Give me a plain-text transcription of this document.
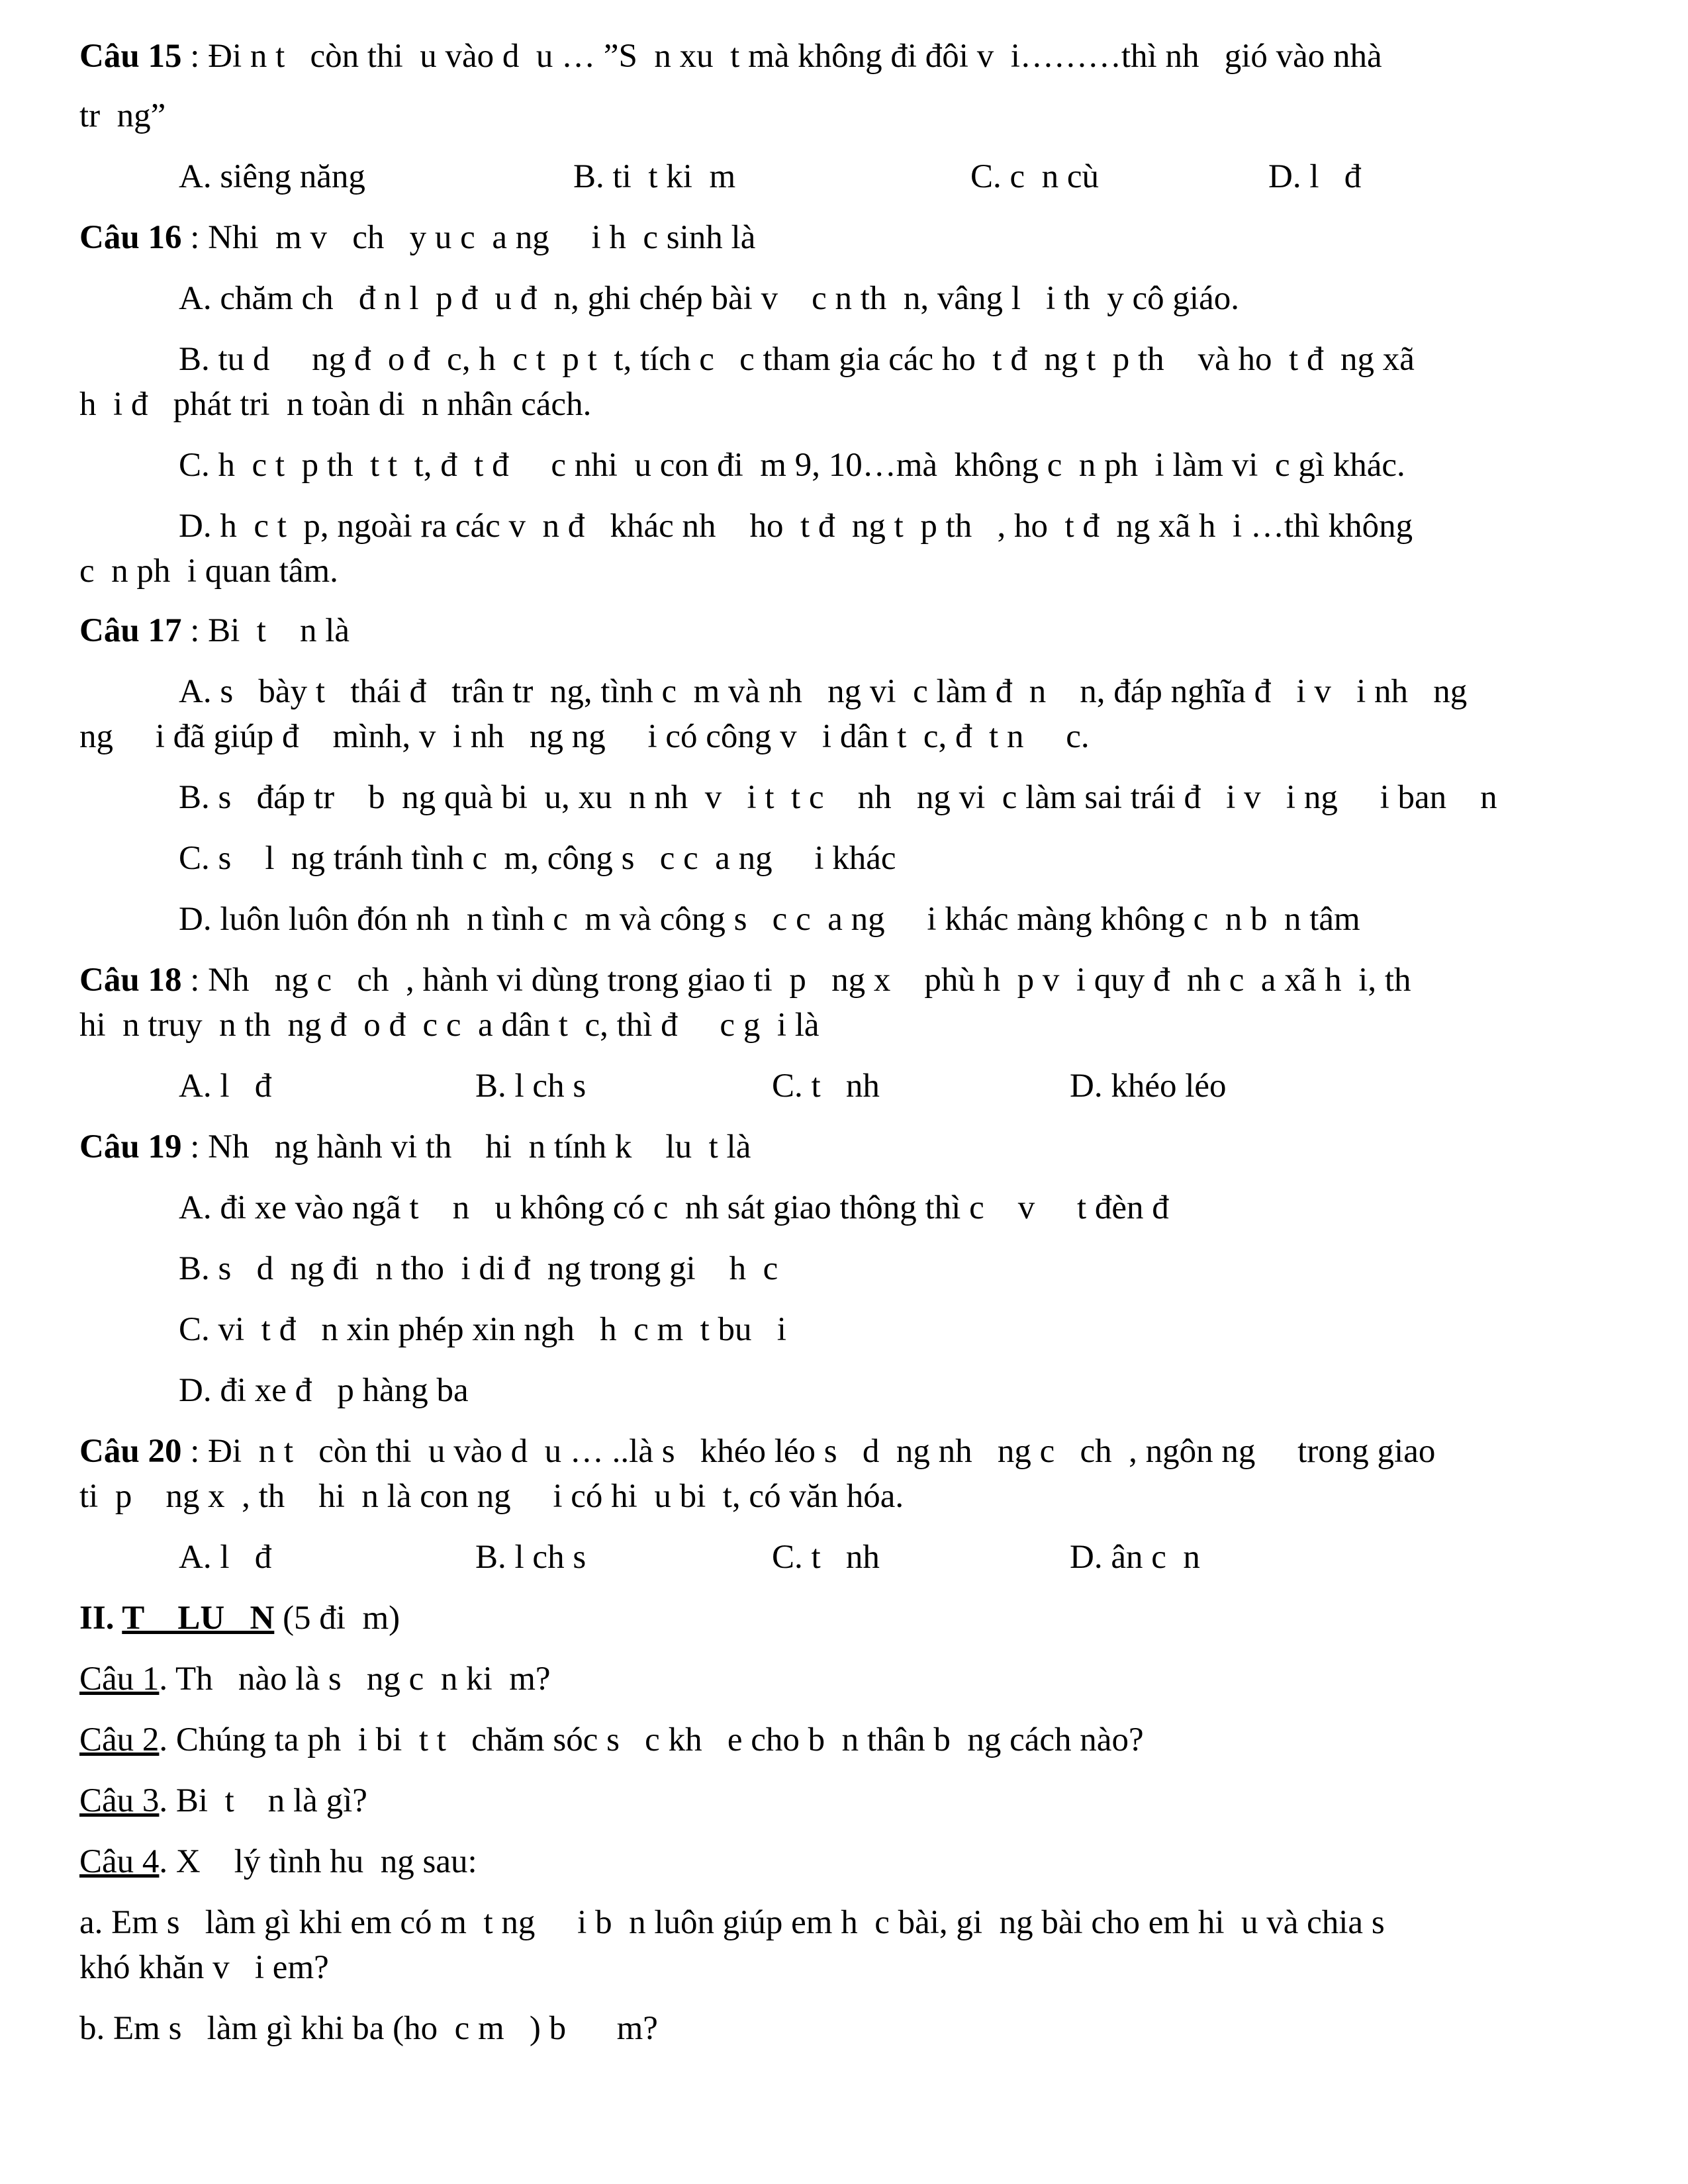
Câu 15 : Đi n t   còn thi  u vào d  u … ”S  n xu  t mà không đi đôi v  i………thì nh   gió vào nhà
tr  ng”
A. siêng năng	B. ti  t ki  m	C. c  n cù	D. l   đ
Câu 16 : Nhi  m v   ch   y u c  a ng     i h  c sinh là
A. chăm ch   đ n l  p đ  u đ  n, ghi chép bài v    c n th  n, vâng l   i th  y cô giáo.
B. tu d     ng đ  o đ  c, h  c t  p t  t, tích c   c tham gia các ho  t đ  ng t  p th    và ho  t đ  ng xã
h  i đ   phát tri  n toàn di  n nhân cách.
C. h  c t  p th  t t  t, đ  t đ     c nhi  u con đi  m 9, 10…mà  không c  n ph  i làm vi  c gì khác.
D. h  c t  p, ngoài ra các v  n đ   khác nh    ho  t đ  ng t  p th   , ho  t đ  ng xã h  i …thì không
c  n ph  i quan tâm.
Câu 17 : Bi  t    n là
A. s   bày t   thái đ   trân tr  ng, tình c  m và nh   ng vi  c làm đ  n    n, đáp nghĩa đ   i v   i nh   ng
ng     i đã giúp đ    mình, v  i nh   ng ng     i có công v   i dân t  c, đ  t n     c.
B. s   đáp tr    b  ng quà bi  u, xu  n nh  v   i t  t c    nh   ng vi  c làm sai trái đ   i v   i ng     i ban    n
C. s    l  ng tránh tình c  m, công s   c c  a ng     i khác
D. luôn luôn đón nh  n tình c  m và công s   c c  a ng     i khác màng không c  n b  n tâm
Câu 18 : Nh   ng c   ch  , hành vi dùng trong giao ti  p   ng x    phù h  p v  i quy đ  nh c  a xã h  i, th
hi  n truy  n th  ng đ  o đ  c c  a dân t  c, thì đ     c g  i là
A. l   đ	B. l ch s	C. t   nh	D. khéo léo
Câu 19 : Nh   ng hành vi th    hi  n tính k    lu  t là
A. đi xe vào ngã t    n   u không có c  nh sát giao thông thì c    v     t đèn đ
B. s   d  ng đi  n tho  i di đ  ng trong gi    h  c
C. vi  t đ   n xin phép xin ngh   h  c m  t bu   i
D. đi xe đ   p hàng ba
Câu 20 : Đi  n t   còn thi  u vào d  u … ..là s   khéo léo s   d  ng nh   ng c   ch  , ngôn ng     trong giao
ti  p    ng x  , th    hi  n là con ng     i có hi  u bi  t, có văn hóa.
A. l   đ	B. l ch s	C. t   nh	D. ân c  n
II. T    LU   N (5 đi  m)
Câu 1. Th   nào là s   ng c  n ki  m?
Câu 2. Chúng ta ph  i bi  t t   chăm sóc s   c kh   e cho b  n thân b  ng cách nào?
Câu 3. Bi  t    n là gì?
Câu 4. X    lý tình hu  ng sau:
a. Em s   làm gì khi em có m  t ng     i b  n luôn giúp em h  c bài, gi  ng bài cho em hi  u và chia s
khó khăn v   i em?
b. Em s   làm gì khi ba (ho  c m   ) b      m?
